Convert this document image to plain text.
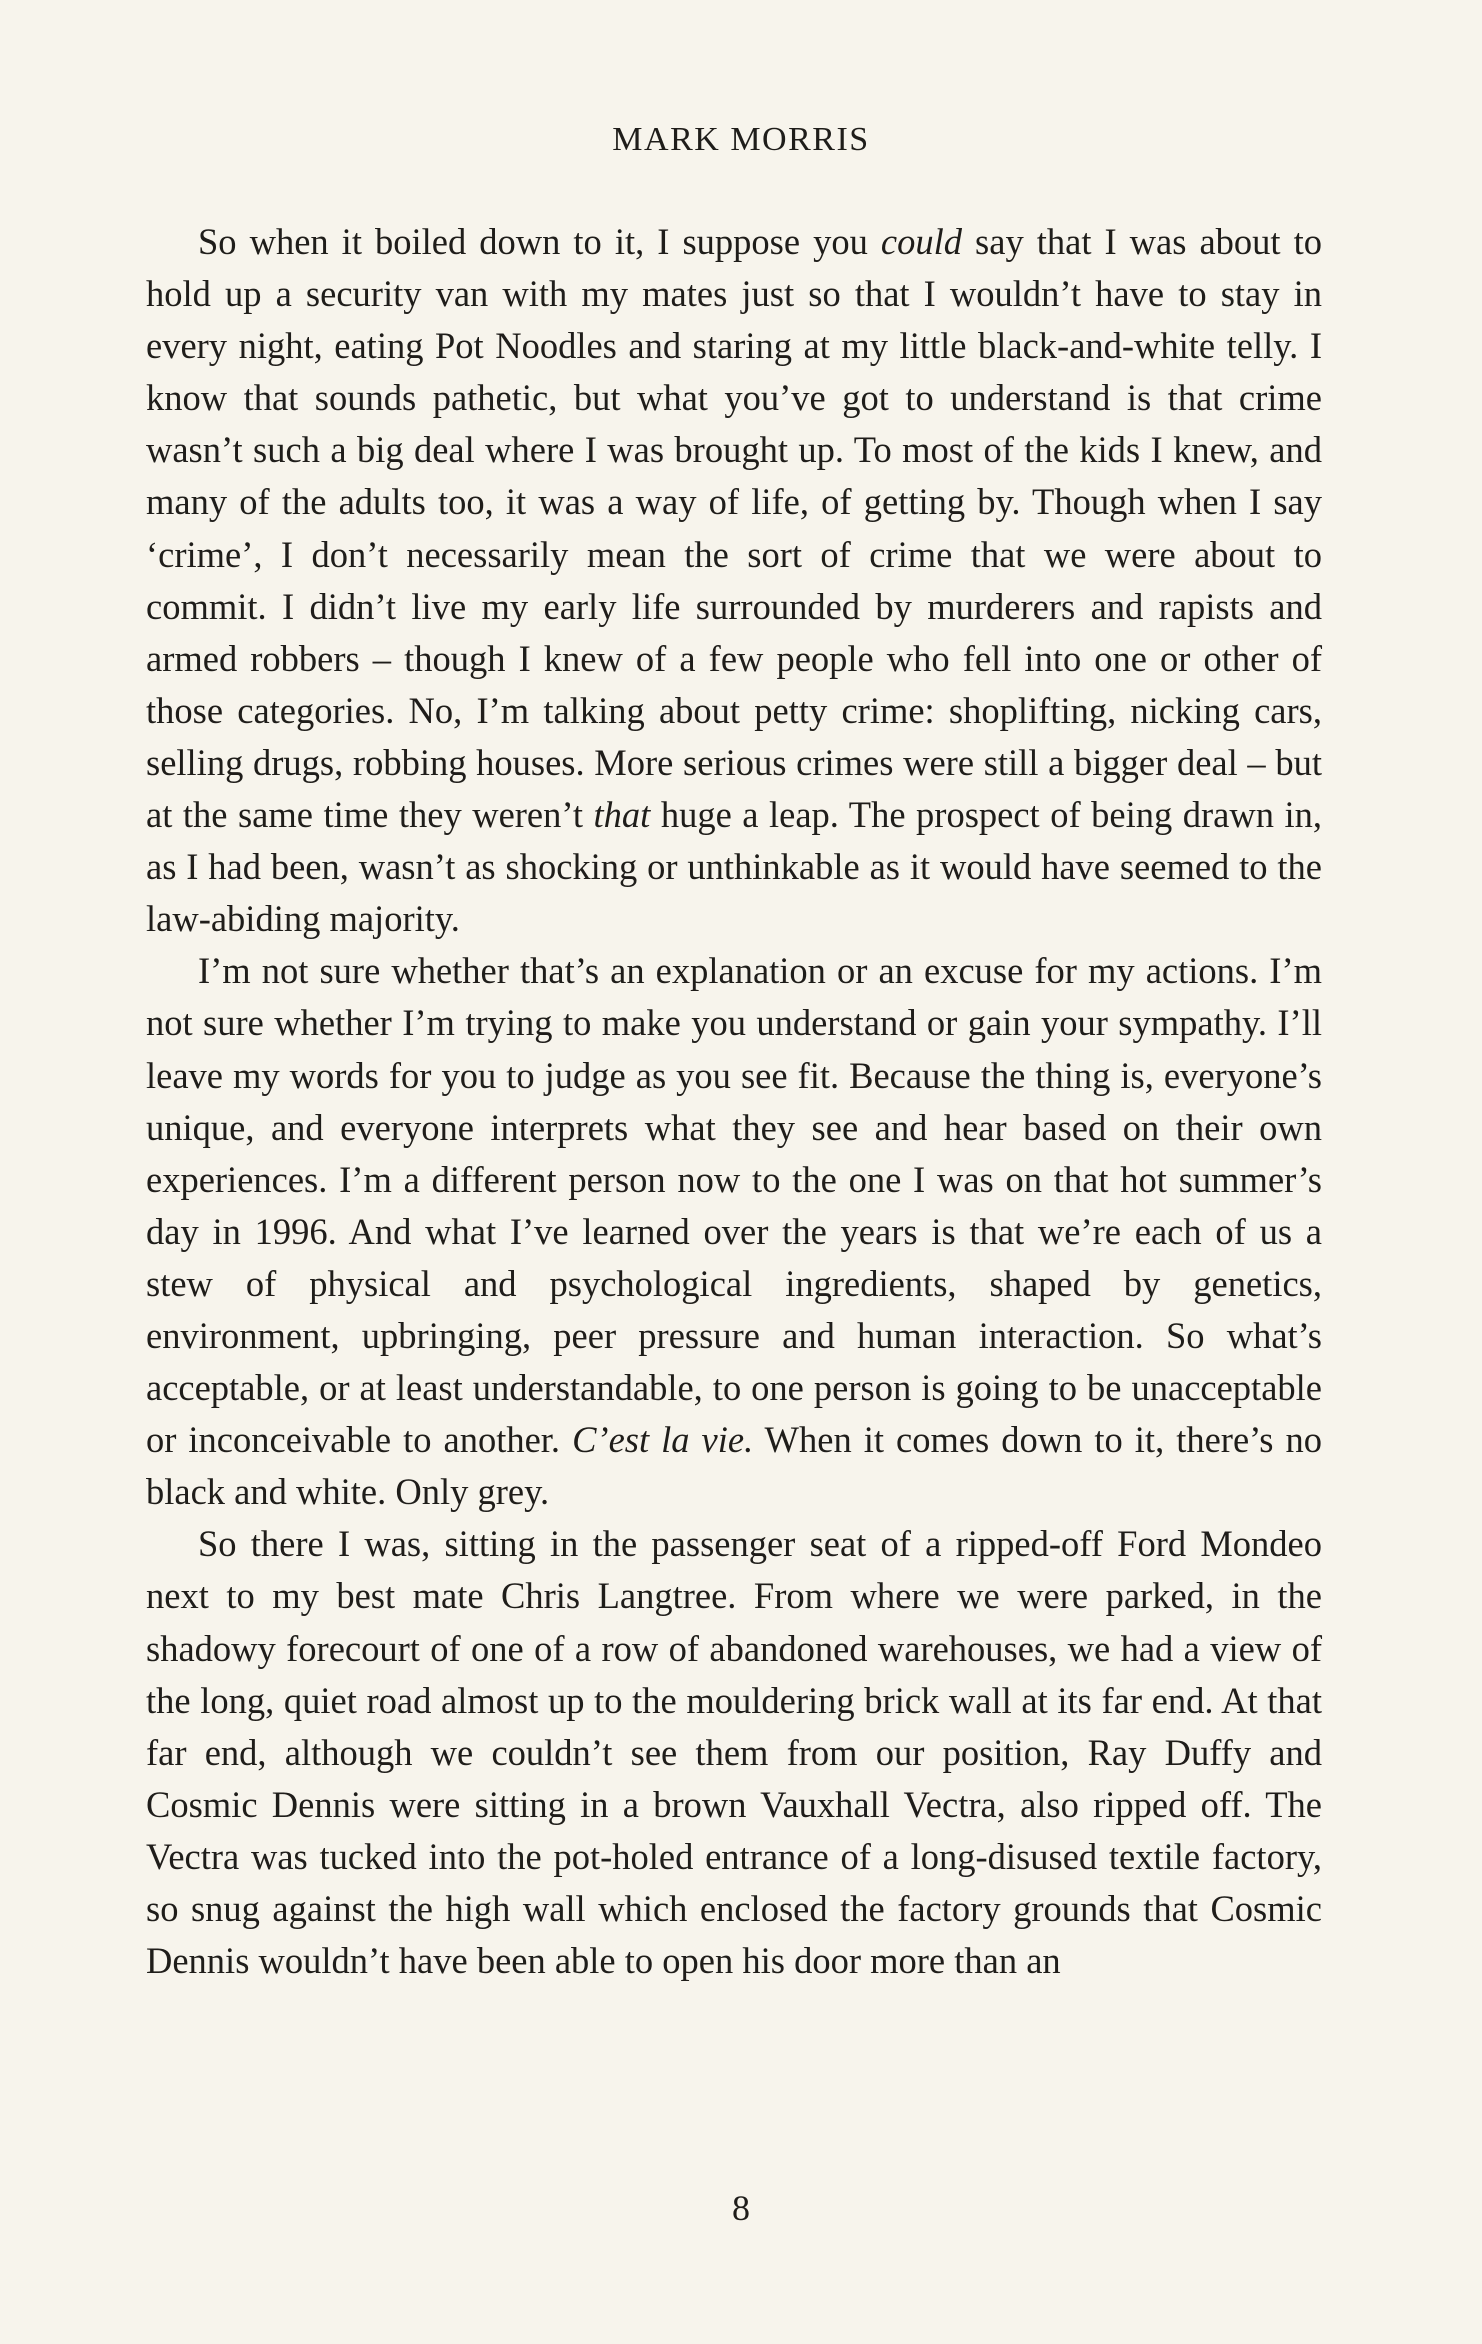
MARK MORRIS

So when it boiled down to it, I suppose you could say that I was about to hold up a security van with my mates just so that I wouldn’t have to stay in every night, eating Pot Noodles and staring at my little black-and-white telly. I know that sounds pathetic, but what you’ve got to understand is that crime wasn’t such a big deal where I was brought up. To most of the kids I knew, and many of the adults too, it was a way of life, of getting by. Though when I say ‘crime’, I don’t necessarily mean the sort of crime that we were about to commit. I didn’t live my early life surrounded by murderers and rapists and armed robbers – though I knew of a few people who fell into one or other of those categories. No, I’m talking about petty crime: shoplifting, nicking cars, selling drugs, robbing houses. More serious crimes were still a bigger deal – but at the same time they weren’t that huge a leap. The prospect of being drawn in, as I had been, wasn’t as shocking or unthinkable as it would have seemed to the law-abiding majority.

I’m not sure whether that’s an explanation or an excuse for my actions. I’m not sure whether I’m trying to make you understand or gain your sympathy. I’ll leave my words for you to judge as you see fit. Because the thing is, everyone’s unique, and everyone interprets what they see and hear based on their own experiences. I’m a different person now to the one I was on that hot summer’s day in 1996. And what I’ve learned over the years is that we’re each of us a stew of physical and psychological ingredients, shaped by genetics, environment, upbringing, peer pressure and human interaction. So what’s acceptable, or at least understandable, to one person is going to be unacceptable or inconceivable to another. C’est la vie. When it comes down to it, there’s no black and white. Only grey.

So there I was, sitting in the passenger seat of a ripped-off Ford Mondeo next to my best mate Chris Langtree. From where we were parked, in the shadowy forecourt of one of a row of abandoned warehouses, we had a view of the long, quiet road almost up to the mouldering brick wall at its far end. At that far end, although we couldn’t see them from our position, Ray Duffy and Cosmic Dennis were sitting in a brown Vauxhall Vectra, also ripped off. The Vectra was tucked into the pot-holed entrance of a long-disused textile factory, so snug against the high wall which enclosed the factory grounds that Cosmic Dennis wouldn’t have been able to open his door more than an

8
